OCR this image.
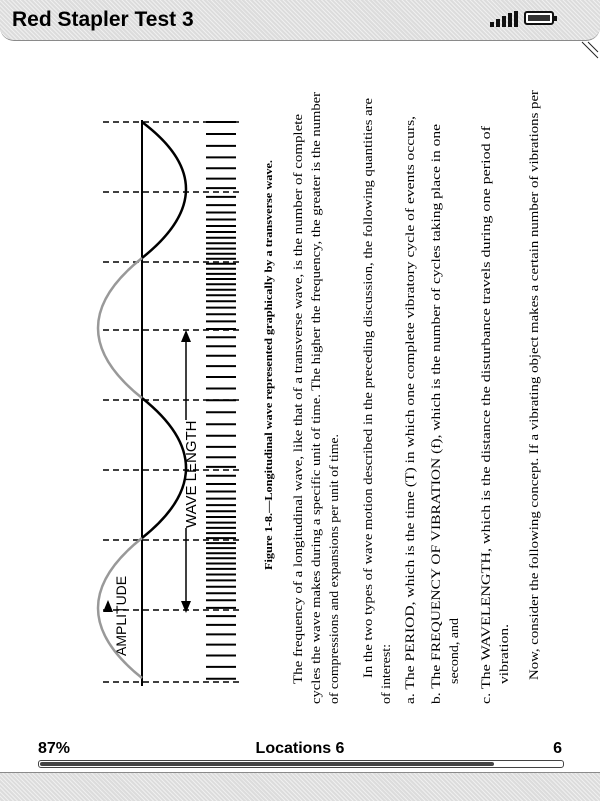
Red Stapler Test 3
AMPLITUDE
WAVE LENGTH	Figure 1-8.—Longitudinal wave represented graphically by a transverse wave. The frequency of a longitudinal wave, like that of a transverse wave, is the number of complete cycles the wave makes during a specific unit of time. The higher the frequency, the greater is the number of compressions and expansions per unit of time. In the two types of wave motion described in the preceding discussion, the following quantities are of interest: a. The PERIOD, which is the time (T) in which one complete vibratory cycle of events occurs, b. The FREQUENCY OF VIBRATION (f), which is the number of cycles taking place in one second, and c. The WAVELENGTH, which is the distance the disturbance travels during one period of vibration. Now, consider the following concept. If a vibrating object makes a certain number of vibrations per
87%	Locations 6	6
